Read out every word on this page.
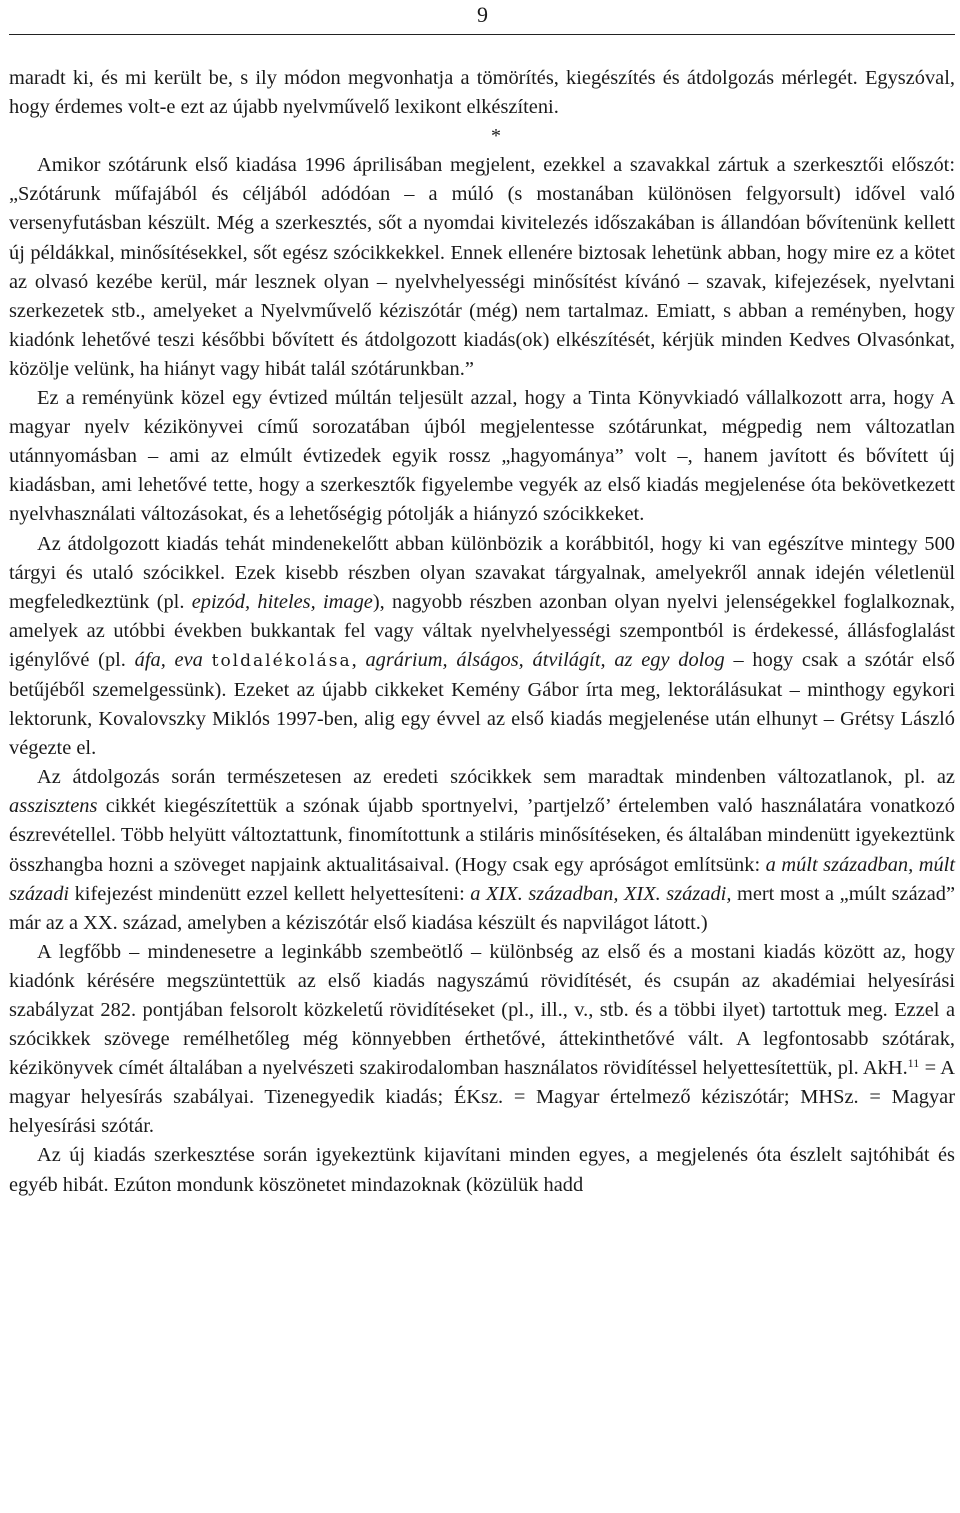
9

maradt ki, és mi került be, s ily módon megvonhatja a tömörítés, kiegészítés és átdolgozás mérlegét. Egyszóval, hogy érdemes volt-e ezt az újabb nyelvművelő lexikont elkészíteni.

*

Amikor szótárunk első kiadása 1996 áprilisában megjelent, ezekkel a szavakkal zártuk a szerkesztői előszót: „Szótárunk műfajából és céljából adódóan – a múló (s mostanában különösen felgyorsult) idővel való versenyfutásban készült. Még a szerkesztés, sőt a nyomdai kivitelezés időszakában is állandóan bővítenünk kellett új példákkal, minősítésekkel, sőt egész szócikkekkel. Ennek ellenére biztosak lehetünk abban, hogy mire ez a kötet az olvasó kezébe kerül, már lesznek olyan – nyelvhelyességi minősítést kívánó – szavak, kifejezések, nyelvtani szerkezetek stb., amelyeket a Nyelvművelő kéziszótár (még) nem tartalmaz. Emiatt, s abban a reményben, hogy kiadónk lehetővé teszi későbbi bővített és átdolgozott kiadás(ok) elkészítését, kérjük minden Kedves Olvasónkat, közölje velünk, ha hiányt vagy hibát talál szótárunkban.”

Ez a reményünk közel egy évtized múltán teljesült azzal, hogy a Tinta Könyvkiadó vállalkozott arra, hogy A magyar nyelv kézikönyvei című sorozatában újból megjelentesse szótárunkat, mégpedig nem változatlan utánnyomásban – ami az elmúlt évtizedek egyik rossz „hagyománya” volt –, hanem javított és bővített új kiadásban, ami lehetővé tette, hogy a szerkesztők figyelembe vegyék az első kiadás megjelenése óta bekövetkezett nyelvhasználati változásokat, és a lehetőségig pótolják a hiányzó szócikkeket.

Az átdolgozott kiadás tehát mindenekelőtt abban különbözik a korábbitól, hogy ki van egészítve mintegy 500 tárgyi és utaló szócikkel. Ezek kisebb részben olyan szavakat tárgyalnak, amelyekről annak idején véletlenül megfeledkeztünk (pl. epizód, hiteles, image), nagyobb részben azonban olyan nyelvi jelenségekkel foglalkoznak, amelyek az utóbbi években bukkantak fel vagy váltak nyelvhelyességi szempontból is érdekessé, állásfoglalást igénylővé (pl. áfa, eva toldalékolása, agrárium, álságos, átvilágít, az egy dolog – hogy csak a szótár első betűjéből szemelgessünk). Ezeket az újabb cikkeket Kemény Gábor írta meg, lektorálásukat – minthogy egykori lektorunk, Kovalovszky Miklós 1997-ben, alig egy évvel az első kiadás megjelenése után elhunyt – Grétsy László végezte el.

Az átdolgozás során természetesen az eredeti szócikkek sem maradtak mindenben változatlanok, pl. az asszisztens cikkét kiegészítettük a szónak újabb sportnyelvi, ’partjelző’ értelemben való használatára vonatkozó észrevétellel. Több helyütt változtattunk, finomítottunk a stiláris minősítéseken, és általában mindenütt igyekeztünk összhangba hozni a szöveget napjaink aktualitásaival. (Hogy csak egy apróságot említsünk: a múlt században, múlt századi kifejezést mindenütt ezzel kellett helyettesíteni: a XIX. században, XIX. századi, mert most a „múlt század” már az a XX. század, amelyben a kéziszótár első kiadása készült és napvilágot látott.)

A legfőbb – mindenesetre a leginkább szembeötlő – különbség az első és a mostani kiadás között az, hogy kiadónk kérésére megszüntettük az első kiadás nagyszámú rövidítését, és csupán az akadémiai helyesírási szabályzat 282. pontjában felsorolt közkeletű rövidítéseket (pl., ill., v., stb. és a többi ilyet) tartottuk meg. Ezzel a szócikkek szövege remélhetőleg még könnyebben érthetővé, áttekinthetővé vált. A legfontosabb szótárak, kézikönyvek címét általában a nyelvészeti szakirodalomban használatos rövidítéssel helyettesítettük, pl. AkH.$^{11}$ = A magyar helyesírás szabályai. Tizenegyedik kiadás; ÉKsz. = Magyar értelmező kéziszótár; MHSz. = Magyar helyesírási szótár.

Az új kiadás szerkesztése során igyekeztünk kijavítani minden egyes, a megjelenés óta észlelt sajtóhibát és egyéb hibát. Ezúton mondunk köszönetet mindazoknak (közülük hadd
